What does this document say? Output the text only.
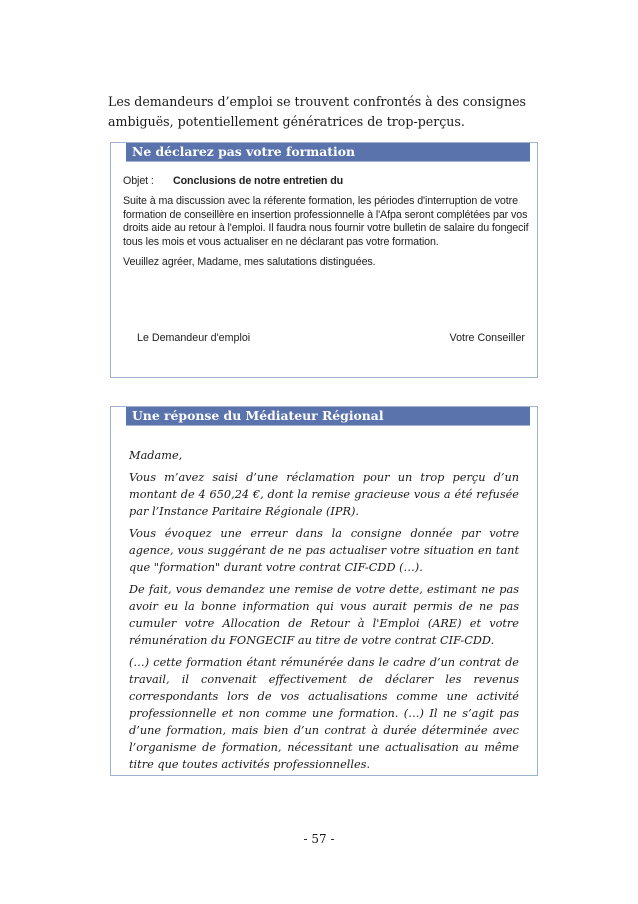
Les demandeurs d’emploi se trouvent confrontés à des consignes ambiguës, potentiellement génératrices de trop-perçus.

Ne déclarez pas votre formation

Objet : Conclusions de notre entretien du

Suite à ma discussion avec la réferente formation, les périodes d'interruption de votre formation de conseillère en insertion professionnelle à l'Afpa seront complétées par vos droits aide au retour à l'emploi. Il faudra nous fournir votre bulletin de salaire du fongecif tous les mois et vous actualiser en ne déclarant pas votre formation.

Veuillez agréer, Madame, mes salutations distinguées.

Le Demandeur d'emploi	Votre Conseiller
Une réponse du Médiateur Régional

Madame,

Vous m’avez saisi d’une réclamation pour un trop perçu d’un montant de 4 650,24 €, dont la remise gracieuse vous a été refusée par l’Instance Paritaire Régionale (IPR).

Vous évoquez une erreur dans la consigne donnée par votre agence, vous suggérant de ne pas actualiser votre situation en tant que "formation" durant votre contrat CIF-CDD (…).

De fait, vous demandez une remise de votre dette, estimant ne pas avoir eu la bonne information qui vous aurait permis de ne pas cumuler votre Allocation de Retour à l'Emploi (ARE) et votre rémunération du FONGECIF au titre de votre contrat CIF-CDD.

(…) cette formation étant rémunérée dans le cadre d’un contrat de travail, il convenait effectivement de déclarer les revenus correspondants lors de vos actualisations comme une activité professionnelle et non comme une formation. (…) Il ne s’agit pas d’une formation, mais bien d’un contrat à durée déterminée avec l’organisme de formation, nécessitant une actualisation au même titre que toutes activités professionnelles.

- 57 -
